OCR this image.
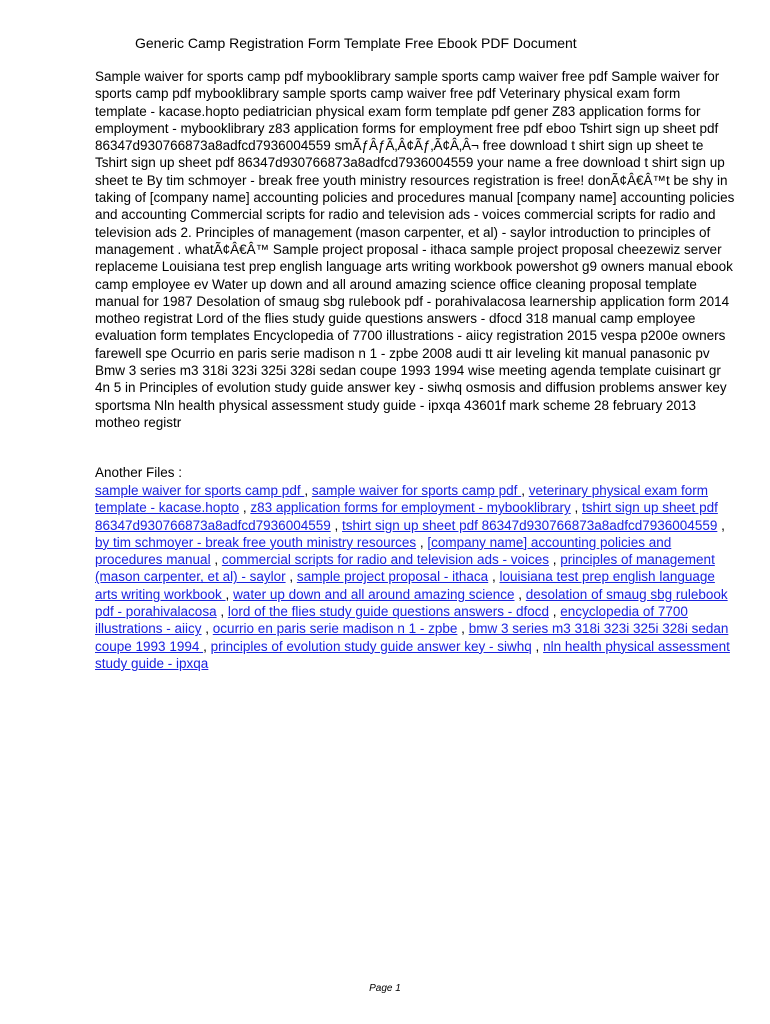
Generic Camp Registration Form Template Free Ebook PDF Document
Sample waiver for sports camp pdf mybooklibrary sample sports camp waiver free pdf Sample waiver for sports camp pdf mybooklibrary sample sports camp waiver free pdf Veterinary physical exam form template - kacase.hopto pediatrician physical exam form template pdf gener Z83 application forms for employment - mybooklibrary z83 application forms for employment free pdf eboo Tshirt sign up sheet pdf 86347d930766873a8adfcd7936004559 smÃƒÂƒÃ‚Â¢Ãƒ‚Ã¢Â‚Â¬ free download t shirt sign up sheet te Tshirt sign up sheet pdf 86347d930766873a8adfcd7936004559 your name a free download t shirt sign up sheet te By tim schmoyer - break free youth ministry resources registration is free! donÃ¢Â€Â™t be shy in taking of [company name] accounting policies and procedures manual [company name] accounting policies and accounting Commercial scripts for radio and television ads - voices commercial scripts for radio and television ads 2. Principles of management (mason carpenter, et al) - saylor introduction to principles of management . whatÃ¢Â€Â™ Sample project proposal - ithaca sample project proposal cheezewiz server replaceme Louisiana test prep english language arts writing workbook powershot g9 owners manual ebook camp employee ev Water up down and all around amazing science office cleaning proposal template manual for 1987 Desolation of smaug sbg rulebook pdf - porahivalacosa learnership application form 2014 motheo registrat Lord of the flies study guide questions answers - dfocd 318 manual camp employee evaluation form templates Encyclopedia of 7700 illustrations - aiicy registration 2015 vespa p200e owners farewell spe Ocurrio en paris serie madison n 1 - zpbe 2008 audi tt air leveling kit manual panasonic pv Bmw 3 series m3 318i 323i 325i 328i sedan coupe 1993 1994 wise meeting agenda template cuisinart gr 4n 5 in Principles of evolution study guide answer key - siwhq osmosis and diffusion problems answer key sportsma Nln health physical assessment study guide - ipxqa 43601f mark scheme 28 february 2013 motheo registr
Another Files :
sample waiver for sports camp pdf , sample waiver for sports camp pdf , veterinary physical exam form template - kacase.hopto , z83 application forms for employment - mybooklibrary , tshirt sign up sheet pdf 86347d930766873a8adfcd7936004559 , tshirt sign up sheet pdf 86347d930766873a8adfcd7936004559 , by tim schmoyer - break free youth ministry resources , [company name] accounting policies and procedures manual , commercial scripts for radio and television ads - voices , principles of management (mason carpenter, et al) - saylor , sample project proposal - ithaca , louisiana test prep english language arts writing workbook , water up down and all around amazing science , desolation of smaug sbg rulebook pdf - porahivalacosa , lord of the flies study guide questions answers - dfocd , encyclopedia of 7700 illustrations - aiicy , ocurrio en paris serie madison n 1 - zpbe , bmw 3 series m3 318i 323i 325i 328i sedan coupe 1993 1994 , principles of evolution study guide answer key - siwhq , nln health physical assessment study guide - ipxqa
Page 1
